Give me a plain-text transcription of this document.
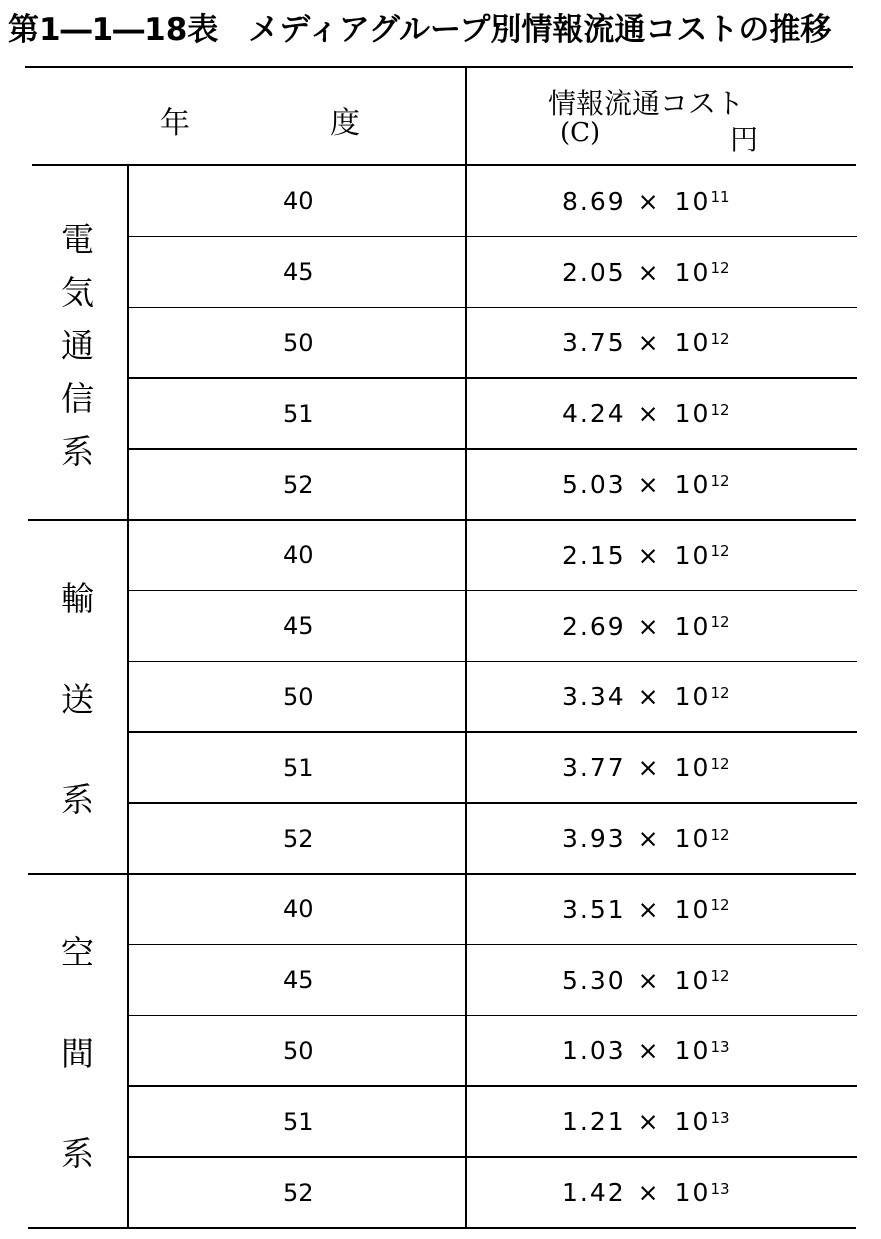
第1―1―18表 メディアグループ別情報流通コストの推移
年	度
情報流通コスト
(C)	円
電
気
通
信
系
40	$8.69 \times 10^{11}$
45	$2.05 \times 10^{12}$
50	$3.75 \times 10^{12}$
51	$4.24 \times 10^{12}$
52	$5.03 \times 10^{12}$
輸
送
系
40	$2.15 \times 10^{12}$
45	$2.69 \times 10^{12}$
50	$3.34 \times 10^{12}$
51	$3.77 \times 10^{12}$
52	$3.93 \times 10^{12}$
空
間
系
40	$3.51 \times 10^{12}$
45	$5.30 \times 10^{12}$
50	$1.03 \times 10^{13}$
51	$1.21 \times 10^{13}$
52	$1.42 \times 10^{13}$
